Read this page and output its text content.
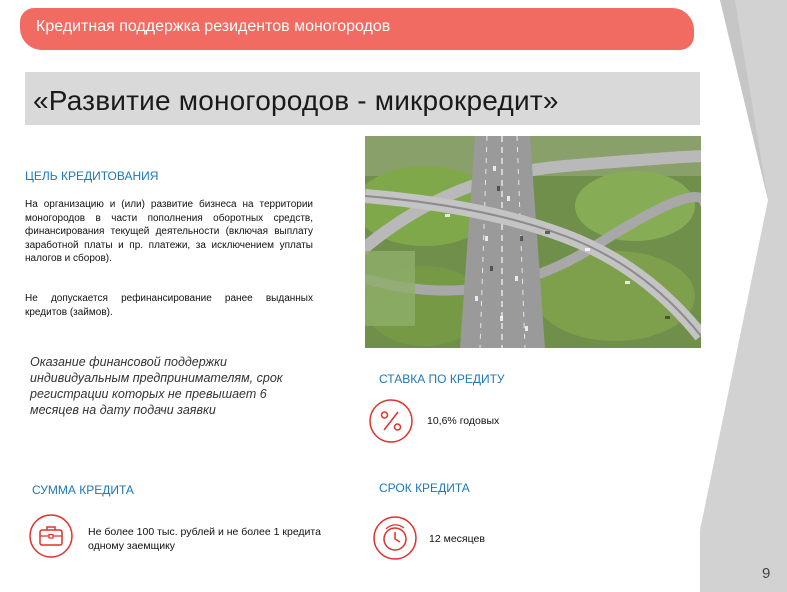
Кредитная поддержка резидентов моногородов
«Развитие моногородов - микрокредит»
ЦЕЛЬ КРЕДИТОВАНИЯ

На организацию и (или) развитие бизнеса на территории моногородов в части пополнения оборотных средств, финансирования текущей деятельности (включая выплату заработной платы и пр. платежи, за исключением уплаты налогов и сборов).

Не допускается рефинансирование ранее выданных кредитов (займов).

Оказание финансовой поддержки индивидуальным предпринимателям, срок регистрации которых не превышает 6 месяцев на дату подачи заявки

СТАВКА ПО КРЕДИТУ
10,6% годовых
СУММА КРЕДИТА
Не более 100 тыс. рублей и не более 1 кредита одному заемщику
СРОК КРЕДИТА
12 месяцев
9
